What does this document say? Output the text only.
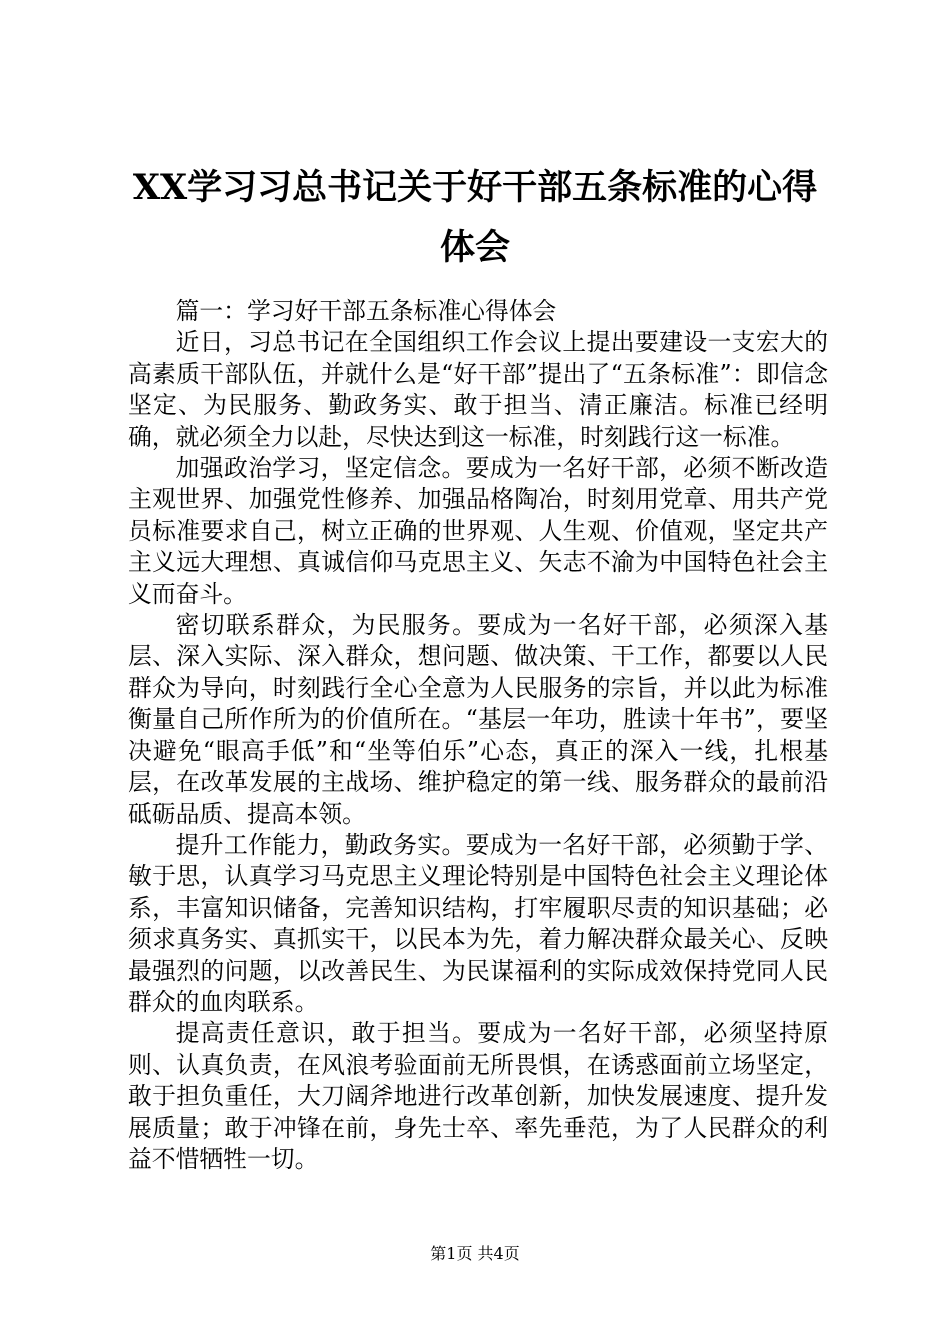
XX学习习总书记关于好干部五条标准的心得体会

篇一：学习好干部五条标准心得体会

近日，习总书记在全国组织工作会议上提出要建设一支宏大的高素质干部队伍，并就什么是“好干部”提出了“五条标准”：即信念坚定、为民服务、勤政务实、敢于担当、清正廉洁。标准已经明确，就必须全力以赴，尽快达到这一标准，时刻践行这一标准。

加强政治学习，坚定信念。要成为一名好干部，必须不断改造主观世界、加强党性修养、加强品格陶冶，时刻用党章、用共产党员标准要求自己，树立正确的世界观、人生观、价值观，坚定共产主义远大理想、真诚信仰马克思主义、矢志不渝为中国特色社会主义而奋斗。

密切联系群众，为民服务。要成为一名好干部，必须深入基层、深入实际、深入群众，想问题、做决策、干工作，都要以人民群众为导向，时刻践行全心全意为人民服务的宗旨，并以此为标准衡量自己所作所为的价值所在。“基层一年功，胜读十年书”，要坚决避免“眼高手低”和“坐等伯乐”心态，真正的深入一线，扎根基层，在改革发展的主战场、维护稳定的第一线、服务群众的最前沿砥砺品质、提高本领。

提升工作能力，勤政务实。要成为一名好干部，必须勤于学、敏于思，认真学习马克思主义理论特别是中国特色社会主义理论体系，丰富知识储备，完善知识结构，打牢履职尽责的知识基础；必须求真务实、真抓实干，以民本为先，着力解决群众最关心、反映最强烈的问题，以改善民生、为民谋福利的实际成效保持党同人民群众的血肉联系。

提高责任意识，敢于担当。要成为一名好干部，必须坚持原则、认真负责，在风浪考验面前无所畏惧，在诱惑面前立场坚定，敢于担负重任，大刀阔斧地进行改革创新，加快发展速度、提升发展质量；敢于冲锋在前，身先士卒、率先垂范，为了人民群众的利益不惜牺牲一切。

第1页 共4页
